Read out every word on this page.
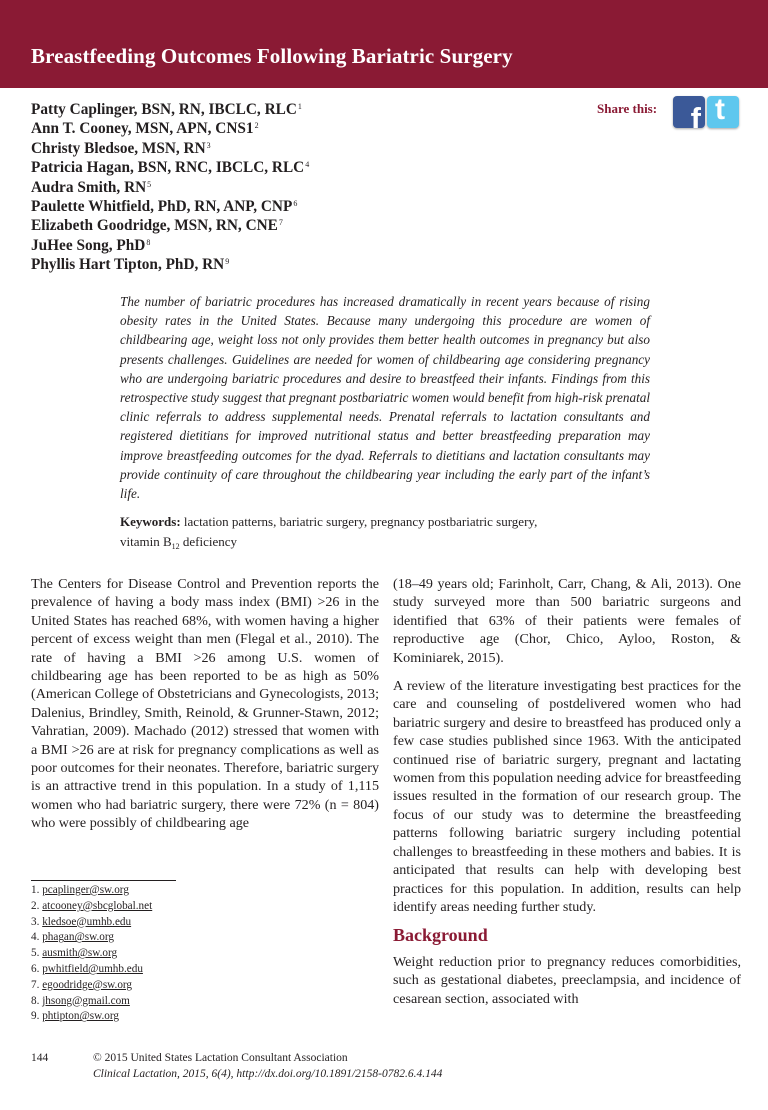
Breastfeeding Outcomes Following Bariatric Surgery
Patty Caplinger, BSN, RN, IBCLC, RLC$^1$
Ann T. Cooney, MSN, APN, $CNS1^2$
Christy Bledsoe, MSN, $RN^3$
Patricia Hagan, BSN, RNC, IBCLC, RLC$^4$
Audra Smith, $RN^5$
Paulette Whitfield, PhD, RN, ANP, CNP$^6$
Elizabeth Goodridge, MSN, RN, CNE$^7$
JuHee Song, PhD$^8$
Phyllis Hart Tipton, PhD, $RN^9$
Share this: f t

The number of bariatric procedures has increased dramatically in recent years because of rising obesity rates in the United States. Because many undergoing this procedure are women of childbearing age, weight loss not only provides them better health outcomes in pregnancy but also presents challenges. Guidelines are needed for women of childbearing age considering pregnancy who are undergoing bariatric procedures and desire to breastfeed their infants. Findings from this retrospective study suggest that pregnant postbariatric women would benefit from high-risk prenatal clinic referrals to address supplemental needs. Prenatal referrals to lactation consultants and registered dietitians for improved nutritional status and better breastfeeding preparation may improve breastfeeding outcomes for the dyad. Referrals to dietitians and lactation consultants may provide continuity of care throughout the childbearing year including the early part of the infant’s life.

Keywords: lactation patterns, bariatric surgery, pregnancy postbariatric surgery,
vitamin $B_{12}$ deficiency

The Centers for Disease Control and Prevention reports the prevalence of having a body mass index (BMI) >26 in the United States has reached 68%, with women having a higher percent of excess weight than men (Flegal et al., 2010). The rate of having a BMI >26 among U.S. women of childbearing age has been reported to be as high as 50% (American College of Obstetricians and Gynecologists, 2013; Dalenius, Brindley, Smith, Reinold, & Grunner-Stawn, 2012; Vahratian, 2009). Machado (2012) stressed that women with a BMI >26 are at risk for pregnancy complications as well as poor outcomes for their neonates. Therefore, bariatric surgery is an attractive trend in this population. In a study of 1,115 women who had bariatric surgery, there were 72% (n = 804) who were possibly of childbearing age

(18–49 years old; Farinholt, Carr, Chang, & Ali, 2013). One study surveyed more than 500 bariatric surgeons and identified that 63% of their patients were females of reproductive age (Chor, Chico, Ayloo, Roston, & Kominiarek, 2015).

A review of the literature investigating best practices for the care and counseling of postdelivered women who had bariatric surgery and desire to breastfeed has produced only a few case studies published since 1963. With the anticipated continued rise of bariatric surgery, pregnant and lactating women from this population needing advice for breastfeeding issues resulted in the formation of our research group. The focus of our study was to determine the breastfeeding patterns following bariatric surgery including potential challenges to breastfeeding in these mothers and babies. It is anticipated that results can help with developing best practices for this population. In addition, results can help identify areas needing further study.

Background

Weight reduction prior to pregnancy reduces comorbidities, such as gestational diabetes, preeclampsia, and incidence of cesarean section, associated with

1. pcaplinger@sw.org
2. atcooney@sbcglobal.net
3. kledsoe@umhb.edu
4. phagan@sw.org
5. ausmith@sw.org
6. pwhitfield@umhb.edu
7. egoodridge@sw.org
8. jhsong@gmail.com
9. phtipton@sw.org
144	© 2015 United States Lactation Consultant Association
Clinical Lactation, 2015, 6(4), http://dx.doi.org/10.1891/2158-0782.6.4.144
